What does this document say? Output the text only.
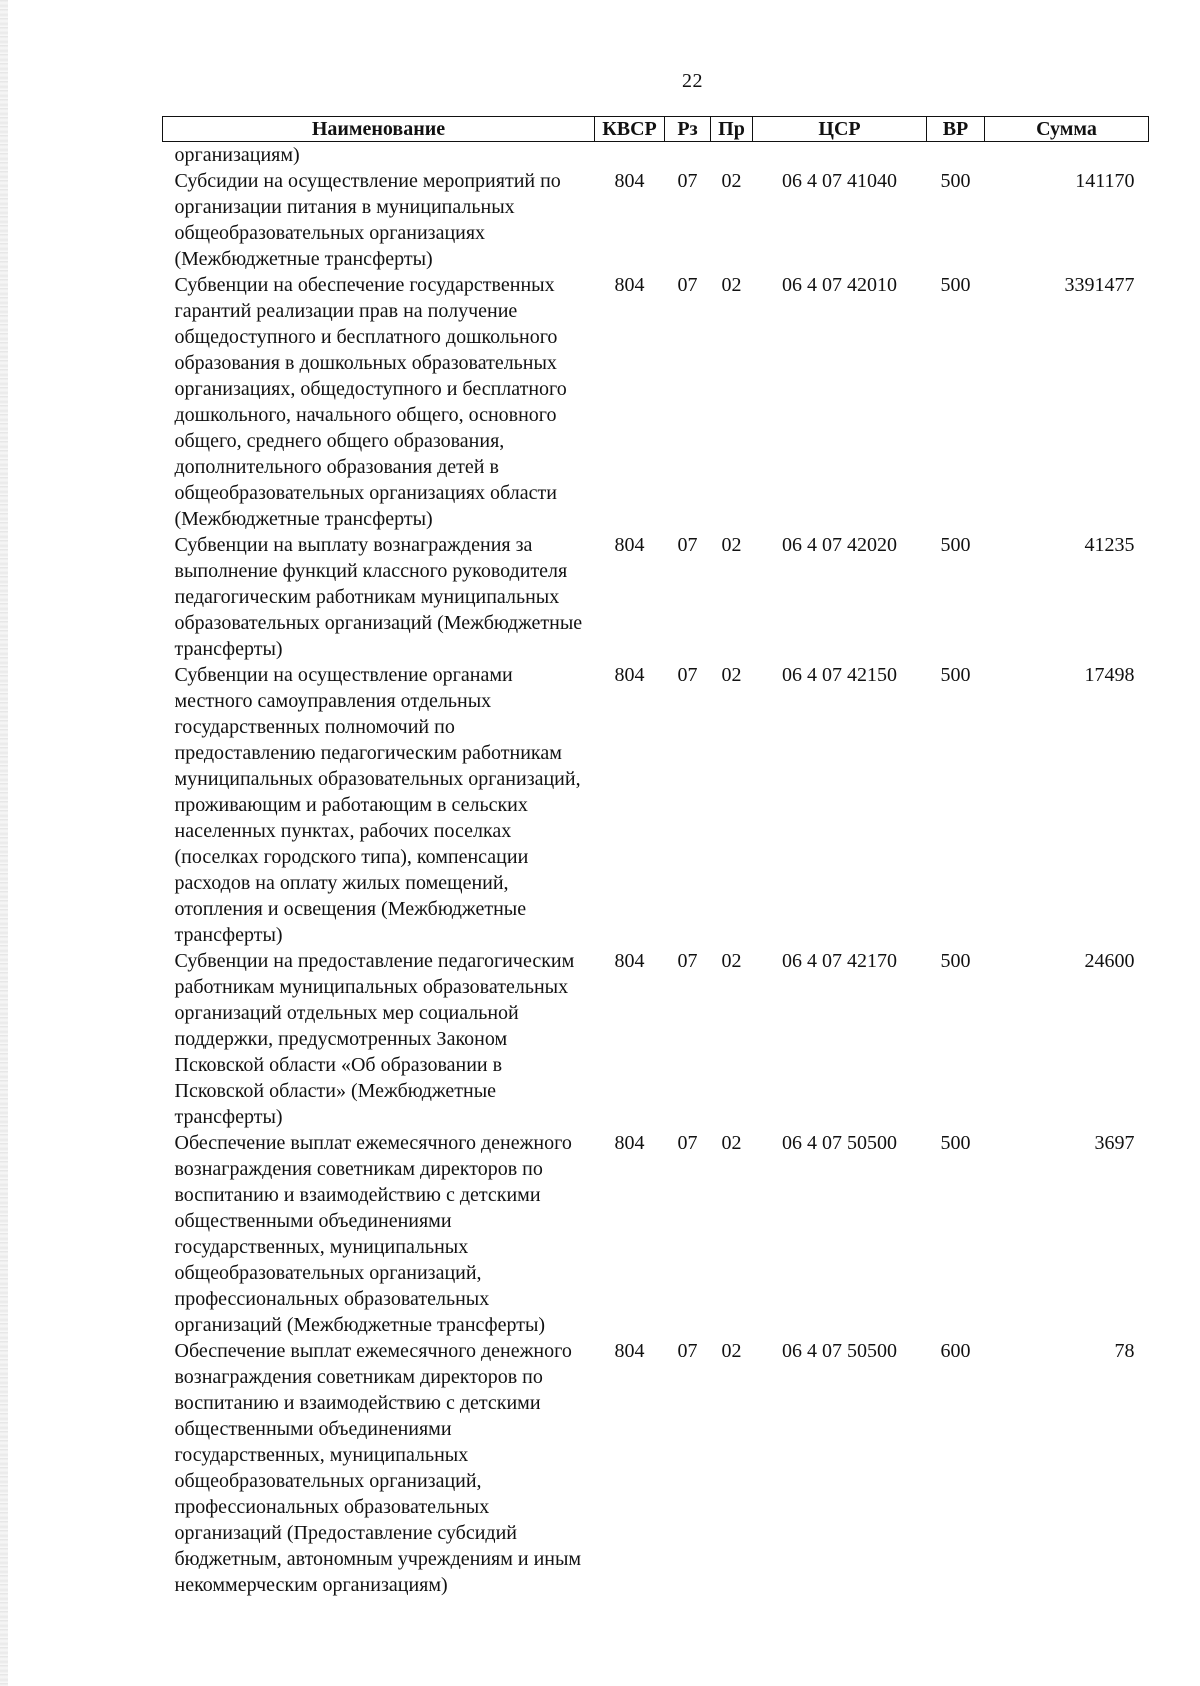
22
Наименование	КВСР	Рз	Пр	ЦСР	ВР	Сумма
организациям)						
Субсидии на осуществление мероприятий по организации питания в муниципальных общеобразовательных организациях (Межбюджетные трансферты)	804	07	02	06 4 07 41040	500	141170
Субвенции на обеспечение государственных гарантий реализации прав на получение общедоступного и бесплатного дошкольного образования в дошкольных образовательных организациях, общедоступного и бесплатного дошкольного, начального общего, основного общего, среднего общего образования, дополнительного образования детей в общеобразовательных организациях области (Межбюджетные трансферты)	804	07	02	06 4 07 42010	500	3391477
Субвенции на выплату вознаграждения за выполнение функций классного руководителя педагогическим работникам муниципальных образовательных организаций (Межбюджетные трансферты)	804	07	02	06 4 07 42020	500	41235
Субвенции на осуществление органами местного самоуправления отдельных государственных полномочий по предоставлению педагогическим работникам муниципальных образовательных организаций, проживающим и работающим в сельских населенных пунктах, рабочих поселках (поселках городского типа), компенсации расходов на оплату жилых помещений, отопления и освещения (Межбюджетные трансферты)	804	07	02	06 4 07 42150	500	17498
Субвенции на предоставление педагогическим работникам муниципальных образовательных организаций отдельных мер социальной поддержки, предусмотренных Законом Псковской области «Об образовании в Псковской области» (Межбюджетные трансферты)	804	07	02	06 4 07 42170	500	24600
Обеспечение выплат ежемесячного денежного вознаграждения советникам директоров по воспитанию и взаимодействию с детскими общественными объединениями государственных, муниципальных общеобразовательных организаций, профессиональных образовательных организаций (Межбюджетные трансферты)	804	07	02	06 4 07 50500	500	3697
Обеспечение выплат ежемесячного денежного вознаграждения советникам директоров по воспитанию и взаимодействию с детскими общественными объединениями государственных, муниципальных общеобразовательных организаций, профессиональных образовательных организаций (Предоставление субсидий бюджетным, автономным учреждениям и иным некоммерческим организациям)	804	07	02	06 4 07 50500	600	78
